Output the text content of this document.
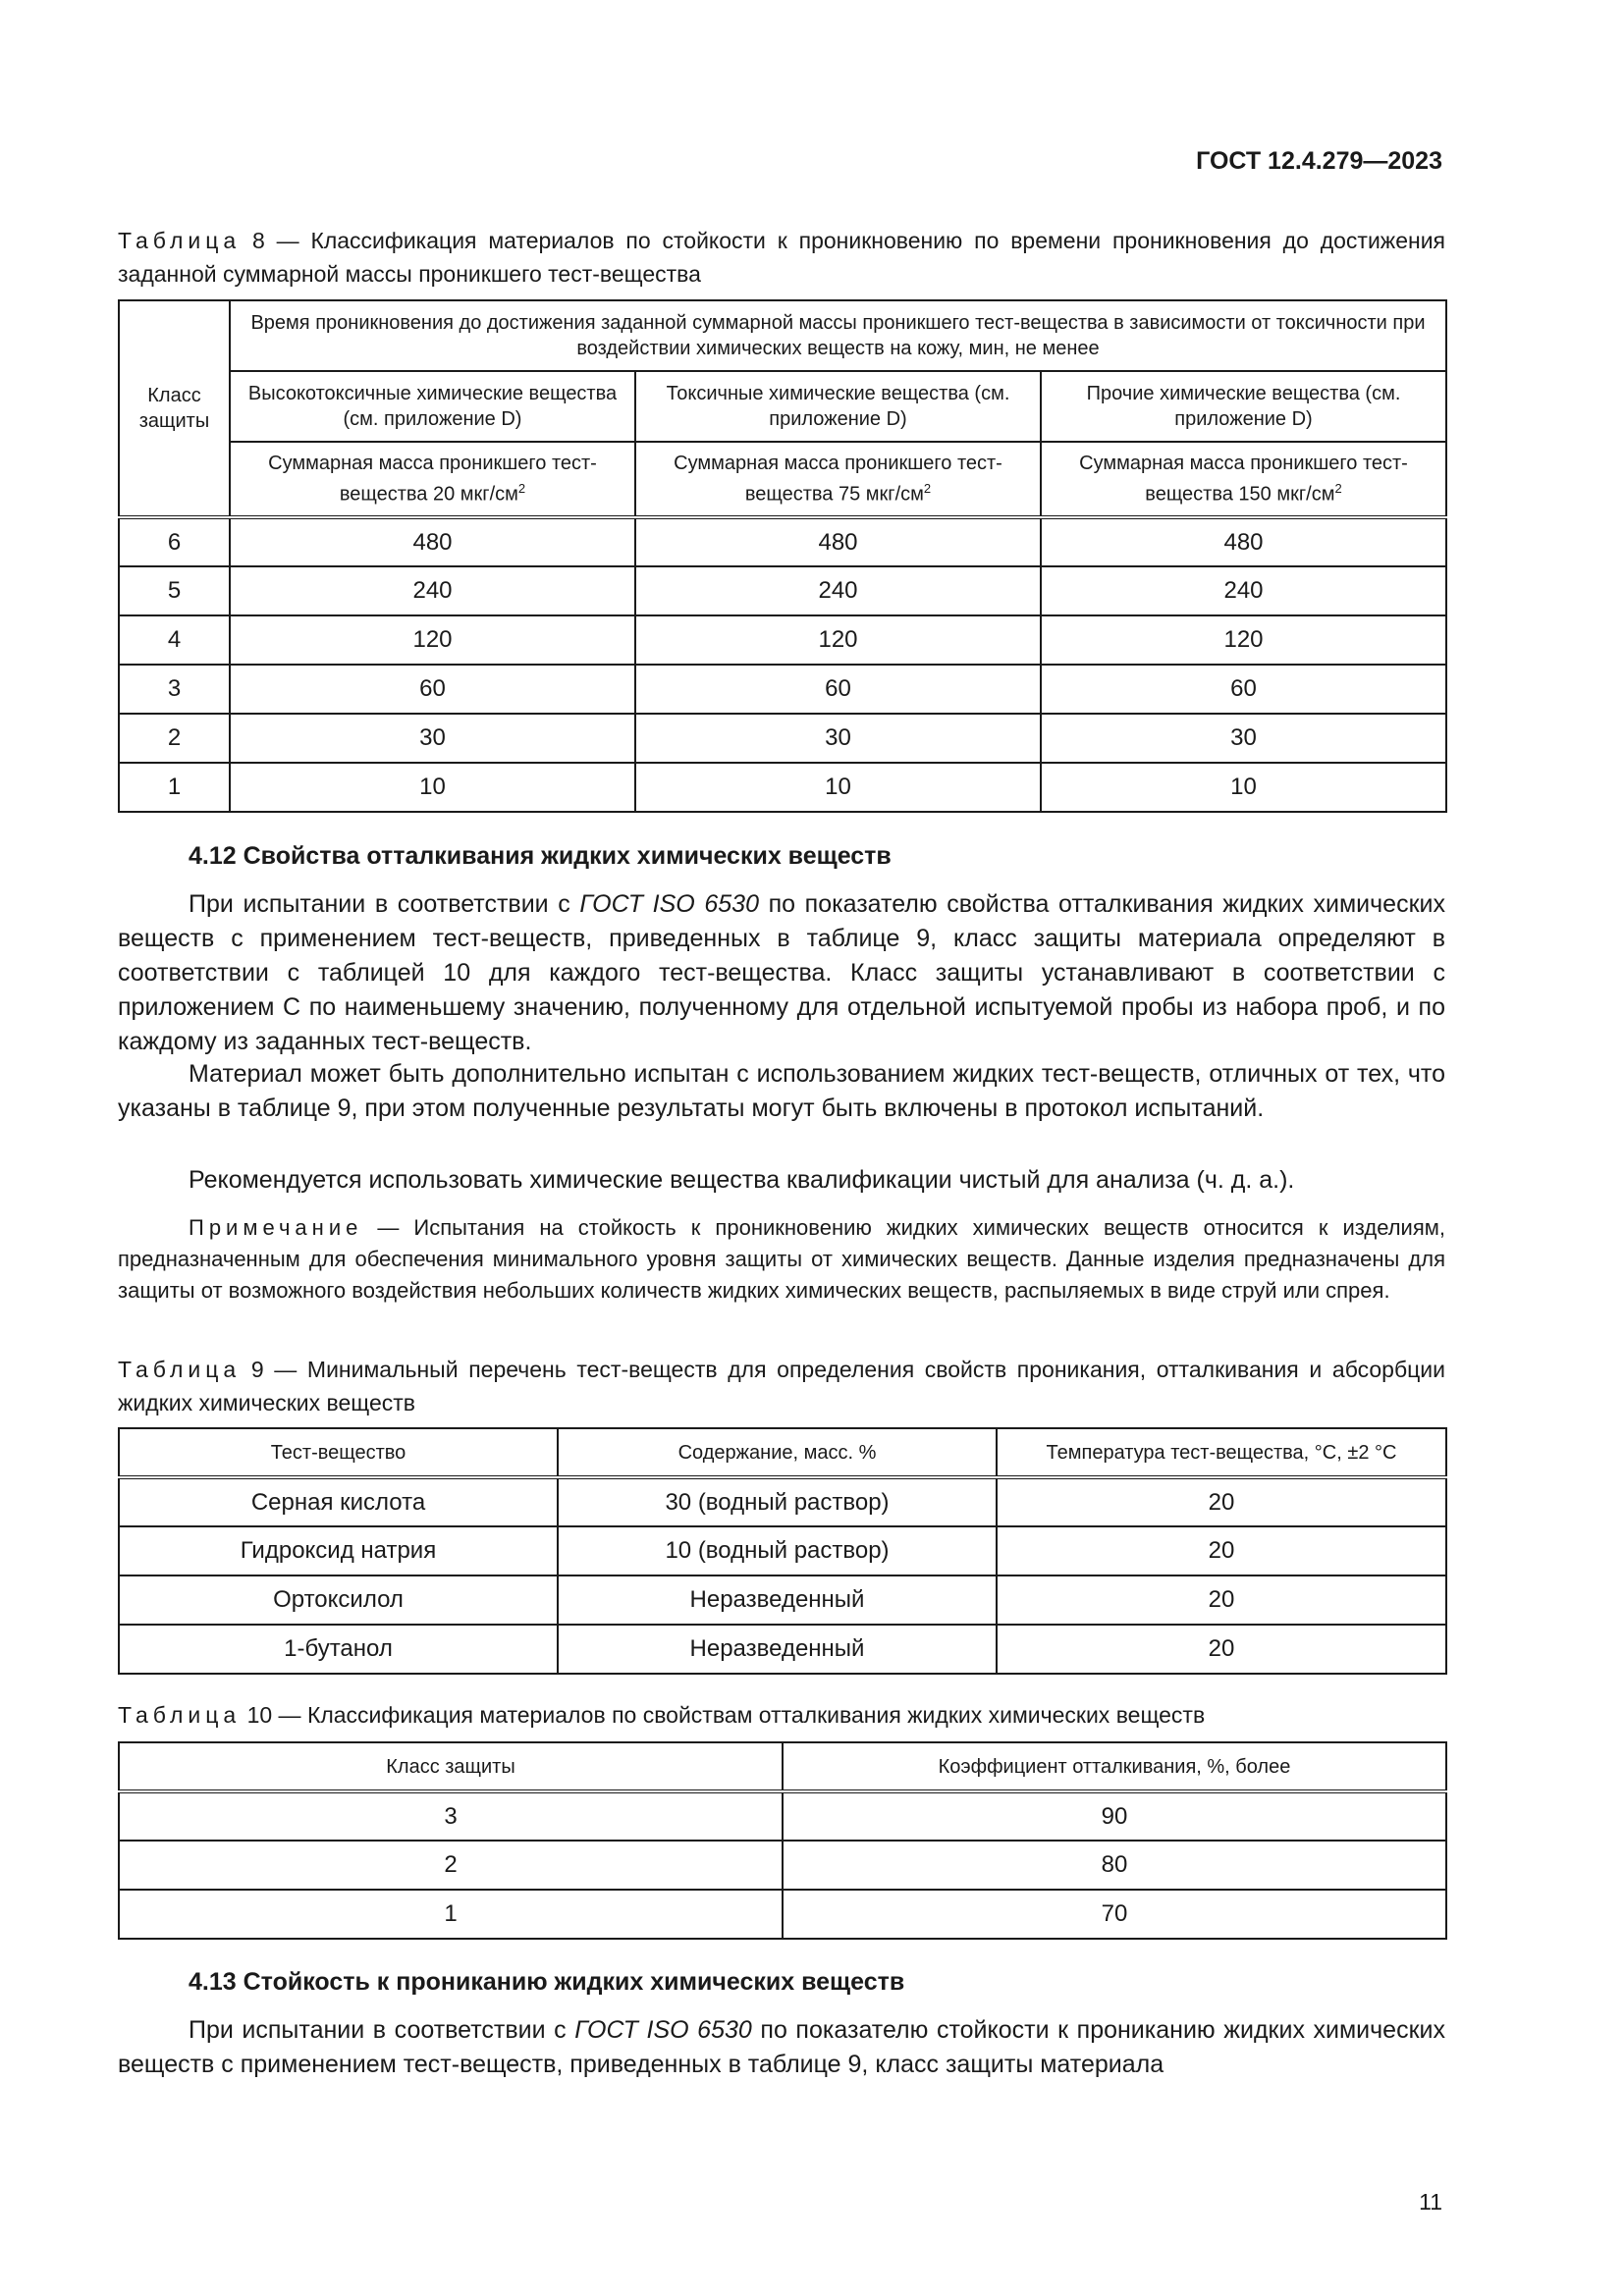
ГОСТ 12.4.279—2023
Таблица 8 — Классификация материалов по стойкости к проникновению по времени проникновения до достижения заданной суммарной массы проникшего тест-вещества
Класс защиты	Время проникновения до достижения заданной суммарной массы проникшего тест-вещества в зависимости от токсичности при воздействии химических веществ на кожу, мин, не менее		
	Высокотоксичные химические вещества (см. приложение D)	Токсичные химические вещества (см. приложение D)	Прочие химические вещества (см. приложение D)
	Суммарная масса проникшего тест-вещества 20 мкг/$см^2$	Суммарная масса проникшего тест-вещества 75 мкг/$см^2$	Суммарная масса проникшего тест-вещества 150 мкг/$см^2$
6	480	480	480
5	240	240	240
4	120	120	120
3	60	60	60
2	30	30	30
1	10	10	10
4.12 Свойства отталкивания жидких химических веществ
При испытании в соответствии с ГОСТ ISO 6530 по показателю свойства отталкивания жидких химических веществ с применением тест-веществ, приведенных в таблице 9, класс защиты материала определяют в соответствии с таблицей 10 для каждого тест-вещества. Класс защиты устанавливают в соответствии с приложением С по наименьшему значению, полученному для отдельной испытуемой пробы из набора проб, и по каждому из заданных тест-веществ.
Материал может быть дополнительно испытан с использованием жидких тест-веществ, отличных от тех, что указаны в таблице 9, при этом полученные результаты могут быть включены в протокол испытаний.
Рекомендуется использовать химические вещества квалификации чистый для анализа (ч. д. а.).
Примечание — Испытания на стойкость к проникновению жидких химических веществ относится к изделиям, предназначенным для обеспечения минимального уровня защиты от химических веществ. Данные изделия предназначены для защиты от возможного воздействия небольших количеств жидких химических веществ, распыляемых в виде струй или спрея.
Таблица 9 — Минимальный перечень тест-веществ для определения свойств проникания, отталкивания и абсорбции жидких химических веществ
Тест-вещество	Содержание, масс. %	Температура тест-вещества, °С, ±2 °С
Серная кислота	30 (водный раствор)	20
Гидроксид натрия	10 (водный раствор)	20
Ортоксилол	Неразведенный	20
1-бутанол	Неразведенный	20
Таблица 10 — Классификация материалов по свойствам отталкивания жидких химических веществ
Класс защиты	Коэффициент отталкивания, %, более
3	90
2	80
1	70
4.13 Стойкость к прониканию жидких химических веществ
При испытании в соответствии с ГОСТ ISO 6530 по показателю стойкости к прониканию жидких химических веществ с применением тест-веществ, приведенных в таблице 9, класс защиты материала
11
